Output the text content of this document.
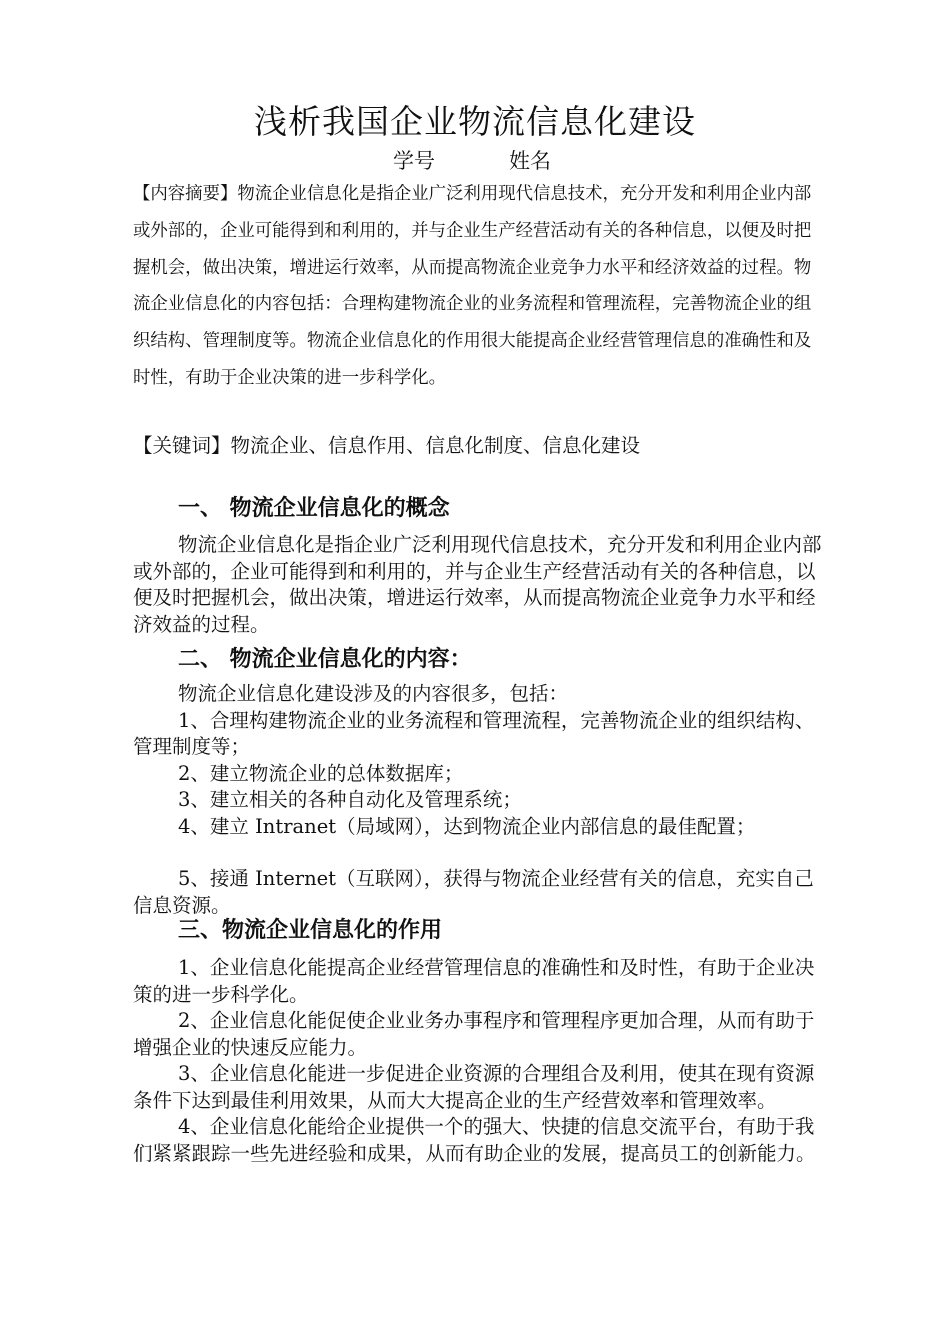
浅析我国企业物流信息化建设
学号	姓名

【内容摘要】物流企业信息化是指企业广泛利用现代信息技术，充分开发和利用企业内部或外部的，企业可能得到和利用的，并与企业生产经营活动有关的各种信息，以便及时把握机会，做出决策，增进运行效率，从而提高物流企业竞争力水平和经济效益的过程。物流企业信息化的内容包括：合理构建物流企业的业务流程和管理流程，完善物流企业的组织结构、管理制度等。物流企业信息化的作用很大能提高企业经营管理信息的准确性和及时性，有助于企业决策的进一步科学化。

【关键词】物流企业、信息作用、信息化制度、信息化建设
一、 物流企业信息化的概念

物流企业信息化是指企业广泛利用现代信息技术，充分开发和利用企业内部或外部的，企业可能得到和利用的，并与企业生产经营活动有关的各种信息，以便及时把握机会，做出决策，增进运行效率，从而提高物流企业竞争力水平和经济效益的过程。

二、 物流企业信息化的内容：

物流企业信息化建设涉及的内容很多，包括：

1、合理构建物流企业的业务流程和管理流程，完善物流企业的组织结构、管理制度等；

2、建立物流企业的总体数据库；

3、建立相关的各种自动化及管理系统；

4、建立 Intranet（局域网），达到物流企业内部信息的最佳配置；

5、接通 Internet（互联网），获得与物流企业经营有关的信息，充实自己信息资源。

三、物流企业信息化的作用

1、企业信息化能提高企业经营管理信息的准确性和及时性，有助于企业决策的进一步科学化。

2、企业信息化能促使企业业务办事程序和管理程序更加合理，从而有助于增强企业的快速反应能力。

3、企业信息化能进一步促进企业资源的合理组合及利用，使其在现有资源条件下达到最佳利用效果，从而大大提高企业的生产经营效率和管理效率。

4、企业信息化能给企业提供一个的强大、快捷的信息交流平台，有助于我们紧紧跟踪一些先进经验和成果，从而有助企业的发展，提高员工的创新能力。
